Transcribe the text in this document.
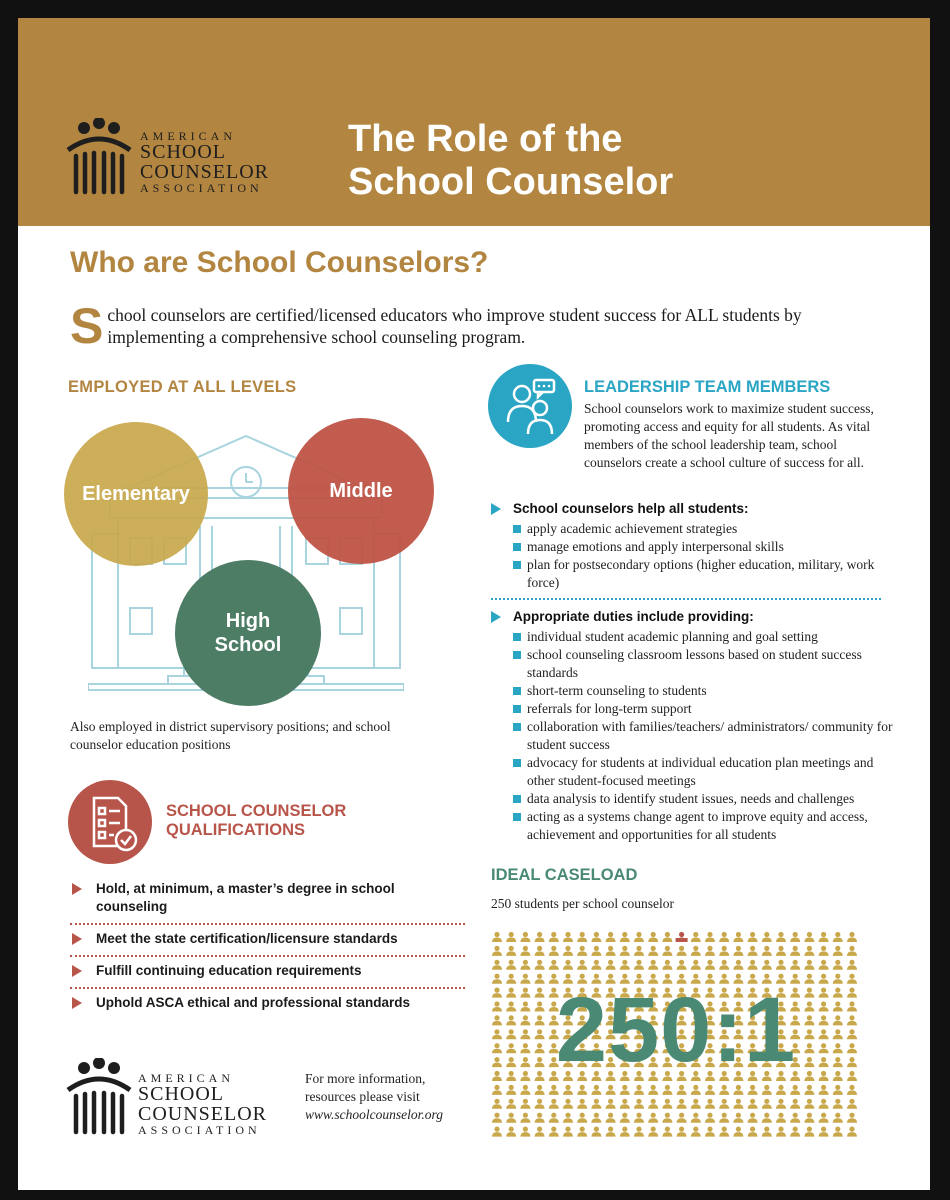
AMERICAN
SCHOOL
COUNSELOR
ASSOCIATION
The Role of the
School Counselor
Who are School Counselors?
School counselors are certified/licensed educators who improve student success for ALL students by implementing a comprehensive school counseling program.
EMPLOYED AT ALL LEVELS
Elementary	Middle
High
School
Also employed in district supervisory positions; and school counselor education positions
SCHOOL COUNSELOR
QUALIFICATIONS
Hold, at minimum, a master’s degree in school counseling
Meet the state certification/licensure standards
Fulfill continuing education requirements
Uphold ASCA ethical and professional standards
AMERICAN
SCHOOL
COUNSELOR
ASSOCIATION
For more information,
resources please visit
www.schoolcounselor.org
LEADERSHIP TEAM MEMBERS
School counselors work to maximize student success, promoting access and equity for all students. As vital members of the school leadership team, school counselors create a school culture of success for all.
School counselors help all students:
apply academic achievement strategies
manage emotions and apply interpersonal skills
plan for postsecondary options (higher education, military, work force)
Appropriate duties include providing:
individual student academic planning and goal setting
school counseling classroom lessons based on student success standards
short-term counseling to students
referrals for long-term support
collaboration with families/teachers/ administrators/ community for student success
advocacy for students at individual education plan meetings and other student-focused meetings
data analysis to identify student issues, needs and challenges
acting as a systems change agent to improve equity and access, achievement and opportunities for all students
IDEAL CASELOAD
250 students per school counselor
250:1
